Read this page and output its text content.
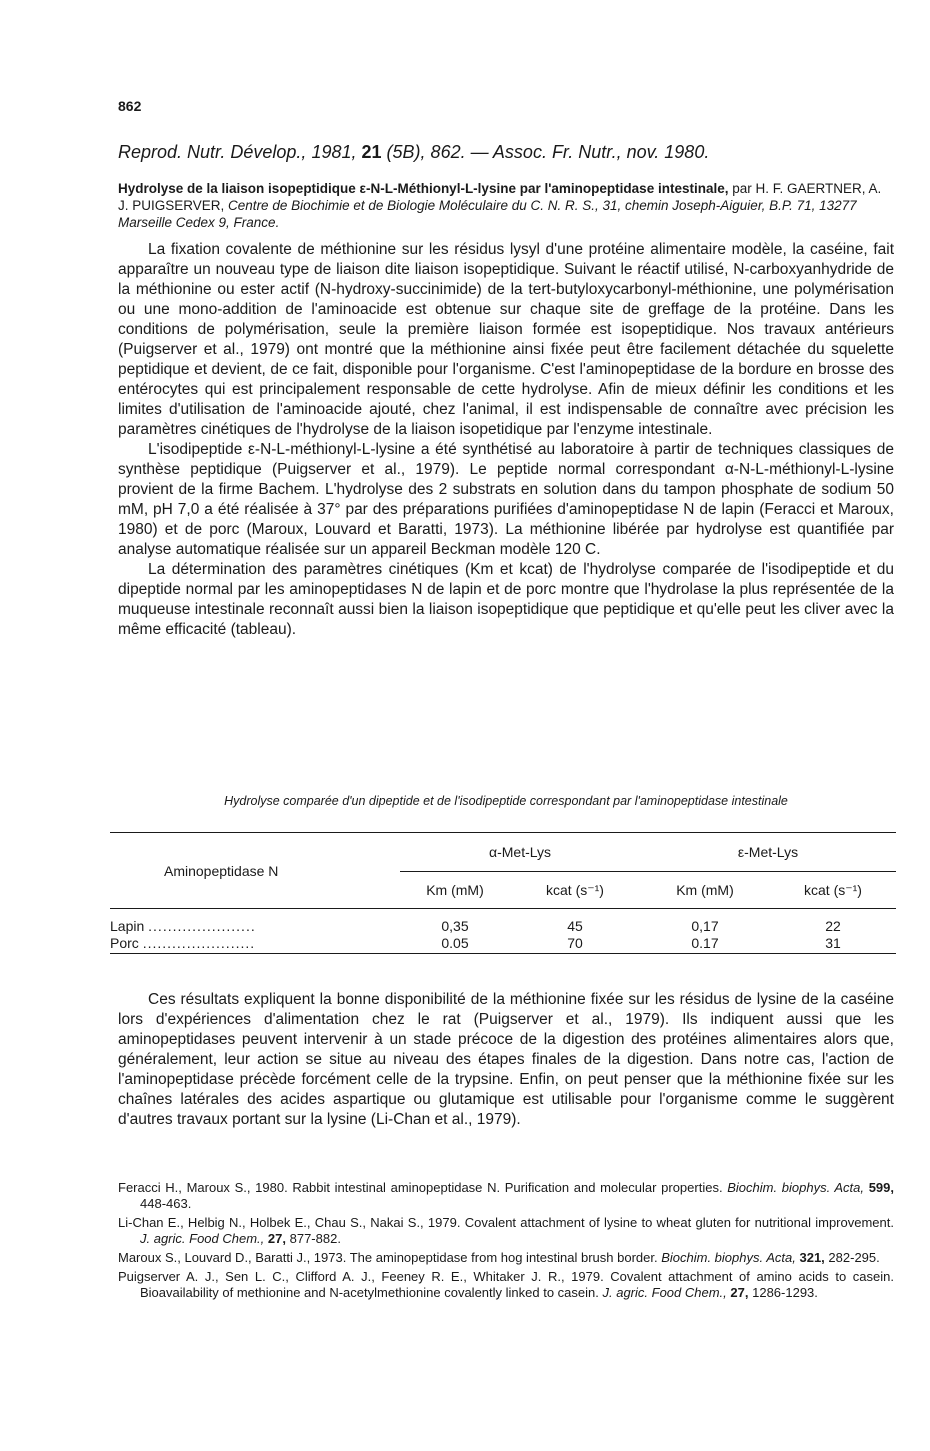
862
Reprod. Nutr. Dévelop., 1981, 21 (5B), 862. — Assoc. Fr. Nutr., nov. 1980.
Hydrolyse de la liaison isopeptidique ε-N-L-Méthionyl-L-lysine par l'aminopeptidase intestinale, par H. F. GAERTNER, A. J. PUIGSERVER, Centre de Biochimie et de Biologie Moléculaire du C. N. R. S., 31, chemin Joseph-Aiguier, B.P. 71, 13277 Marseille Cedex 9, France.

La fixation covalente de méthionine sur les résidus lysyl d'une protéine alimentaire modèle, la caséine, fait apparaître un nouveau type de liaison dite liaison isopeptidique. Suivant le réactif utilisé, N-carboxyanhydride de la méthionine ou ester actif (N-hydroxy-succinimide) de la tert-butyloxycarbonyl-méthionine, une polymérisation ou une mono-addition de l'aminoacide est obtenue sur chaque site de greffage de la protéine. Dans les conditions de polymérisation, seule la première liaison formée est isopeptidique. Nos travaux antérieurs (Puigserver et al., 1979) ont montré que la méthionine ainsi fixée peut être facilement détachée du squelette peptidique et devient, de ce fait, disponible pour l'organisme. C'est l'aminopeptidase de la bordure en brosse des entérocytes qui est principalement responsable de cette hydrolyse. Afin de mieux définir les conditions et les limites d'utilisation de l'aminoacide ajouté, chez l'animal, il est indispensable de connaître avec précision les paramètres cinétiques de l'hydrolyse de la liaison isopetidique par l'enzyme intestinale.

L'isodipeptide ε-N-L-méthionyl-L-lysine a été synthétisé au laboratoire à partir de techniques classiques de synthèse peptidique (Puigserver et al., 1979). Le peptide normal correspondant α-N-L-méthionyl-L-lysine provient de la firme Bachem. L'hydrolyse des 2 substrats en solution dans du tampon phosphate de sodium 50 mM, pH 7,0 a été réalisée à 37° par des préparations purifiées d'aminopeptidase N de lapin (Feracci et Maroux, 1980) et de porc (Maroux, Louvard et Baratti, 1973). La méthionine libérée par hydrolyse est quantifiée par analyse automatique réalisée sur un appareil Beckman modèle 120 C.

La détermination des paramètres cinétiques (Km et kcat) de l'hydrolyse comparée de l'isodipeptide et du dipeptide normal par les aminopeptidases N de lapin et de porc montre que l'hydrolase la plus représentée de la muqueuse intestinale reconnaît aussi bien la liaison isopeptidique que peptidique et qu'elle peut les cliver avec la même efficacité (tableau).

Hydrolyse comparée d'un dipeptide et de l'isodipeptide correspondant par l'aminopeptidase intestinale
Aminopeptidase N	α-Met-Lys		ε-Met-Lys	
	Km (mM)	kcat (s⁻¹)	Km (mM)	kcat (s⁻¹)
Lapin ......................	0,35	45	0,17	22
Porc .......................	0.05	70	0.17	31

Ces résultats expliquent la bonne disponibilité de la méthionine fixée sur les résidus de lysine de la caséine lors d'expériences d'alimentation chez le rat (Puigserver et al., 1979). Ils indiquent aussi que les aminopeptidases peuvent intervenir à un stade précoce de la digestion des protéines alimentaires alors que, généralement, leur action se situe au niveau des étapes finales de la digestion. Dans notre cas, l'action de l'aminopeptidase précède forcément celle de la trypsine. Enfin, on peut penser que la méthionine fixée sur les chaînes latérales des acides aspartique ou glutamique est utilisable pour l'organisme comme le suggèrent d'autres travaux portant sur la lysine (Li-Chan et al., 1979).

Feracci H., Maroux S., 1980. Rabbit intestinal aminopeptidase N. Purification and molecular properties. Biochim. biophys. Acta, 599, 448-463.

Li-Chan E., Helbig N., Holbek E., Chau S., Nakai S., 1979. Covalent attachment of lysine to wheat gluten for nutritional improvement. J. agric. Food Chem., 27, 877-882.

Maroux S., Louvard D., Baratti J., 1973. The aminopeptidase from hog intestinal brush border. Biochim. biophys. Acta, 321, 282-295.

Puigserver A. J., Sen L. C., Clifford A. J., Feeney R. E., Whitaker J. R., 1979. Covalent attachment of amino acids to casein. Bioavailability of methionine and N-acetylmethionine covalently linked to casein. J. agric. Food Chem., 27, 1286-1293.
